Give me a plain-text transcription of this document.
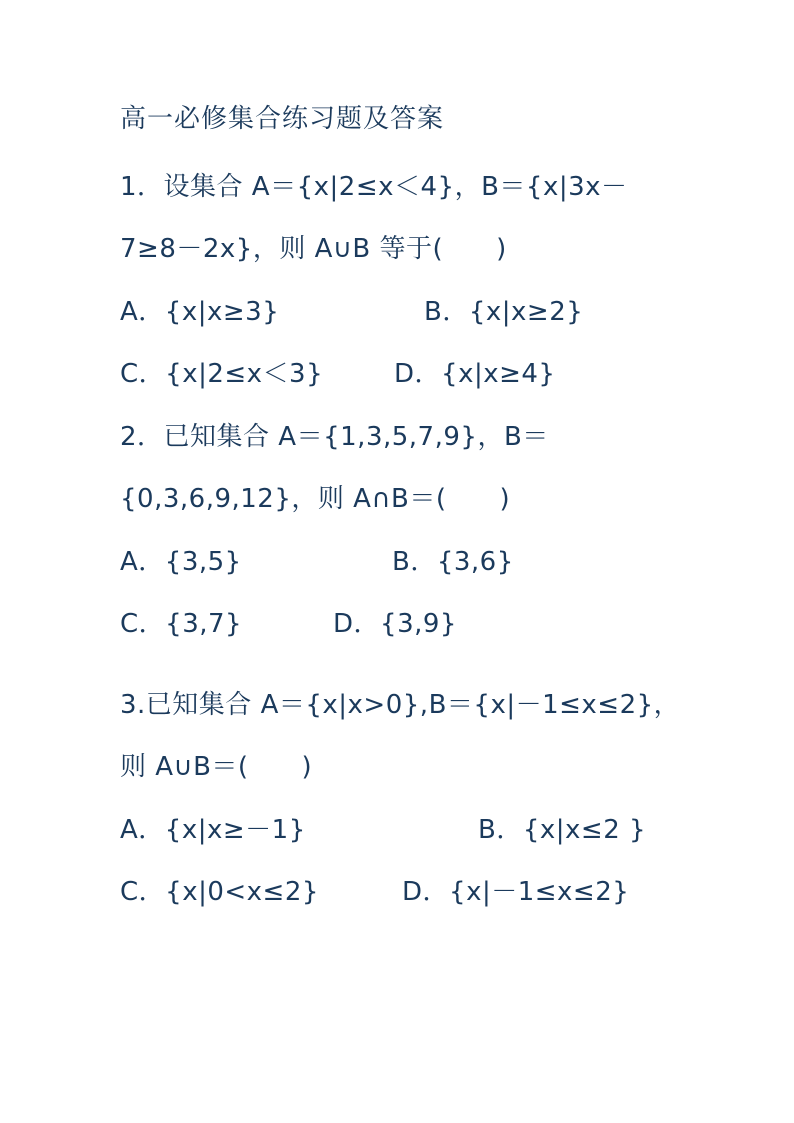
高一必修集合练习题及答案
1．设集合 A＝{x|2≤x＜4}，B＝{x|3x－
7≥8－2x}，则 A∪B 等于(　　)
A．{x|x≥3}	B．{x|x≥2}
C．{x|2≤x＜3}	D．{x|x≥4}
2．已知集合 A＝{1,3,5,7,9}，B＝
{0,3,6,9,12}，则 A∩B＝(　　)
A．{3,5}	B．{3,6}
C．{3,7}	D．{3,9}
3.已知集合 A＝{x|x>0},B＝{x|－1≤x≤2}，
则 A∪B＝(　　)
A．{x|x≥－1}	B．{x|x≤2 }
C．{x|0<x≤2}	D．{x|－1≤x≤2}
